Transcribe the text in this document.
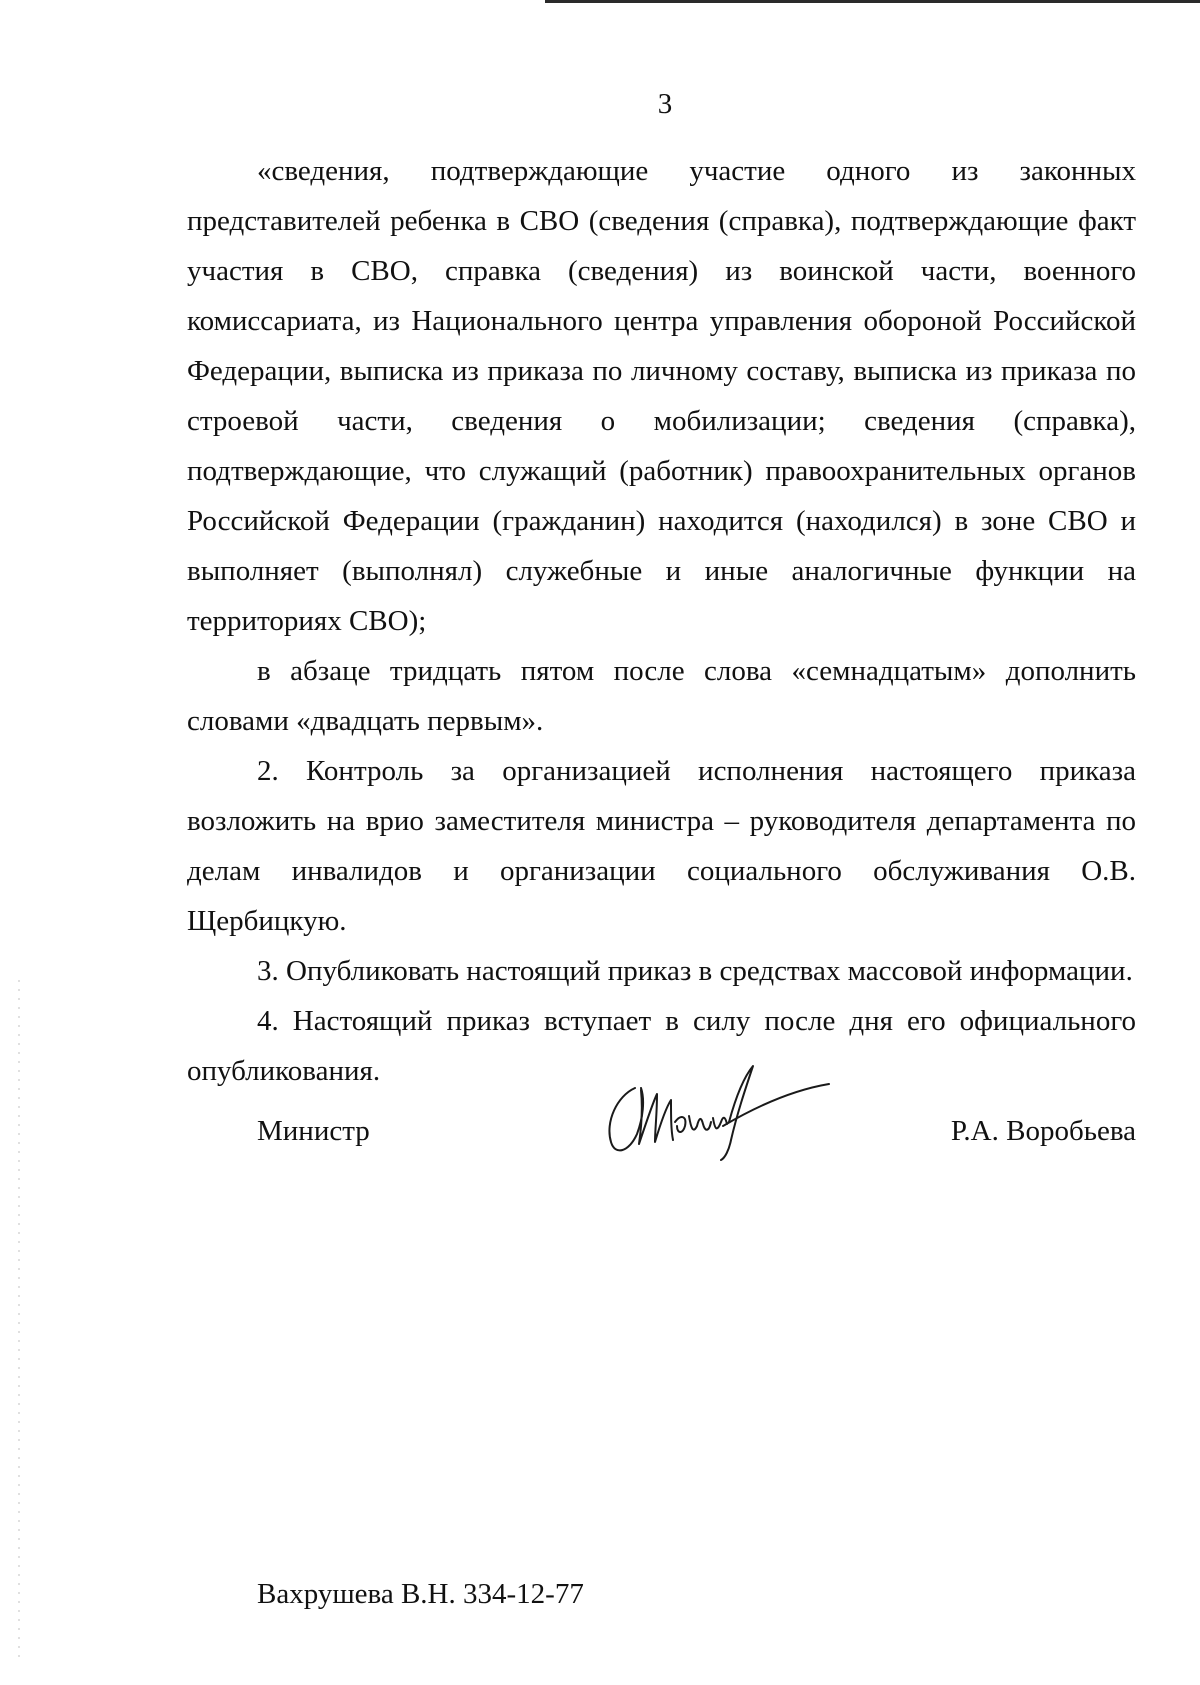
3

«сведения, подтверждающие участие одного из законных представителей ребенка в СВО (сведения (справка), подтверждающие факт участия в СВО, справка (сведения) из воинской части, военного комиссариата, из Национального центра управления обороной Российской Федерации, выписка из приказа по личному составу, выписка из приказа по строевой части, сведения о мобилизации; сведения (справка), подтверждающие, что служащий (работник) правоохранительных органов Российской Федерации (гражданин) находится (находился) в зоне СВО и выполняет (выполнял) служебные и иные аналогичные функции на территориях СВО);

в абзаце тридцать пятом после слова «семнадцатым» дополнить словами «двадцать первым».

2. Контроль за организацией исполнения настоящего приказа возложить на врио заместителя министра – руководителя департамента по делам инвалидов и организации социального обслуживания О.В. Щербицкую.

3. Опубликовать настоящий приказ в средствах массовой информации.

4. Настоящий приказ вступает в силу после дня его официального опубликования.

Министр	Р.А. Воробьева
Вахрушева В.Н. 334-12-77
